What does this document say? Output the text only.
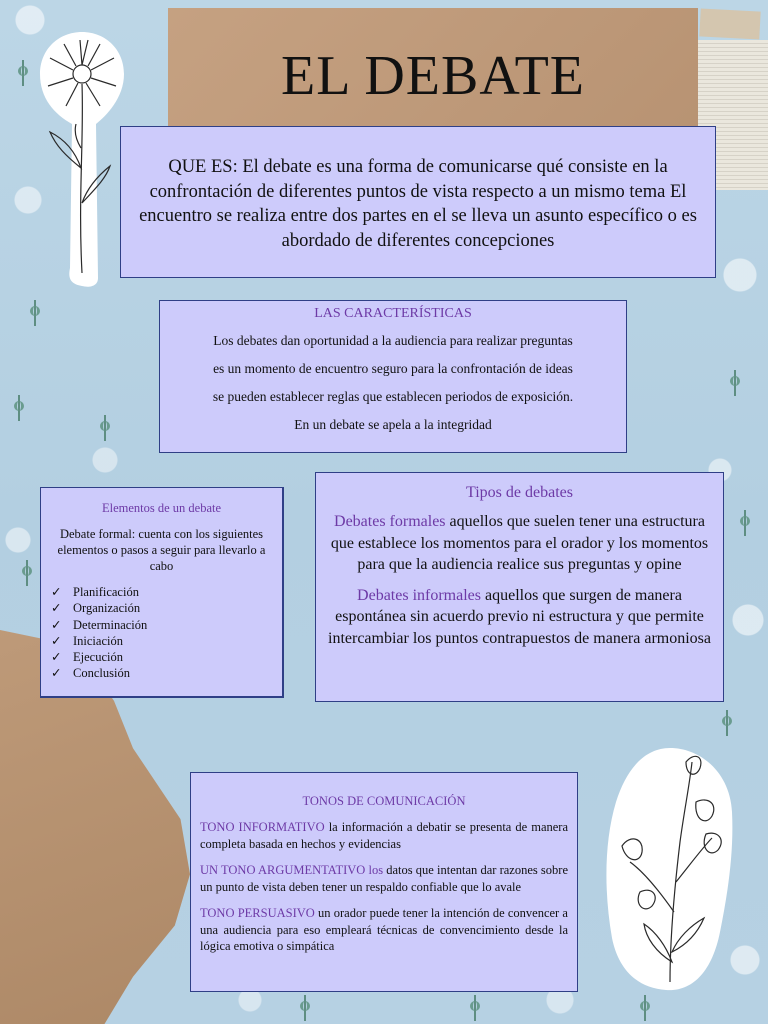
EL DEBATE
QUE ES: El debate es una forma de comunicarse qué consiste en la confrontación de diferentes puntos de vista respecto a un mismo tema El encuentro se realiza entre dos partes en el se lleva un asunto específico o es abordado de diferentes concepciones
LAS CARACTERÍSTICAS
Los debates dan oportunidad a la audiencia para realizar preguntas
es un momento de encuentro seguro para la confrontación de ideas
se pueden establecer reglas que establecen periodos de exposición.
En un debate se apela a la integridad
Elementos de un debate
Debate formal: cuenta con los siguientes elementos o pasos a seguir para llevarlo a cabo
✓ Planificación
✓ Organización
✓ Determinación
✓ Iniciación
✓ Ejecución
✓ Conclusión
Tipos de debates

Debates formales aquellos que suelen tener una estructura que establece los momentos para el orador y los momentos para que la audiencia realice sus preguntas y opine

Debates informales aquellos que surgen de manera espontánea sin acuerdo previo ni estructura y que permite intercambiar los puntos contrapuestos de manera armoniosa

TONOS DE COMUNICACIÓN

TONO INFORMATIVO la información a debatir se presenta de manera completa basada en hechos y evidencias

UN TONO ARGUMENTATIVO los datos que intentan dar razones sobre un punto de vista deben tener un respaldo confiable que lo avale

TONO PERSUASIVO un orador puede tener la intención de convencer a una audiencia para eso empleará técnicas de convencimiento desde la lógica emotiva o simpática
